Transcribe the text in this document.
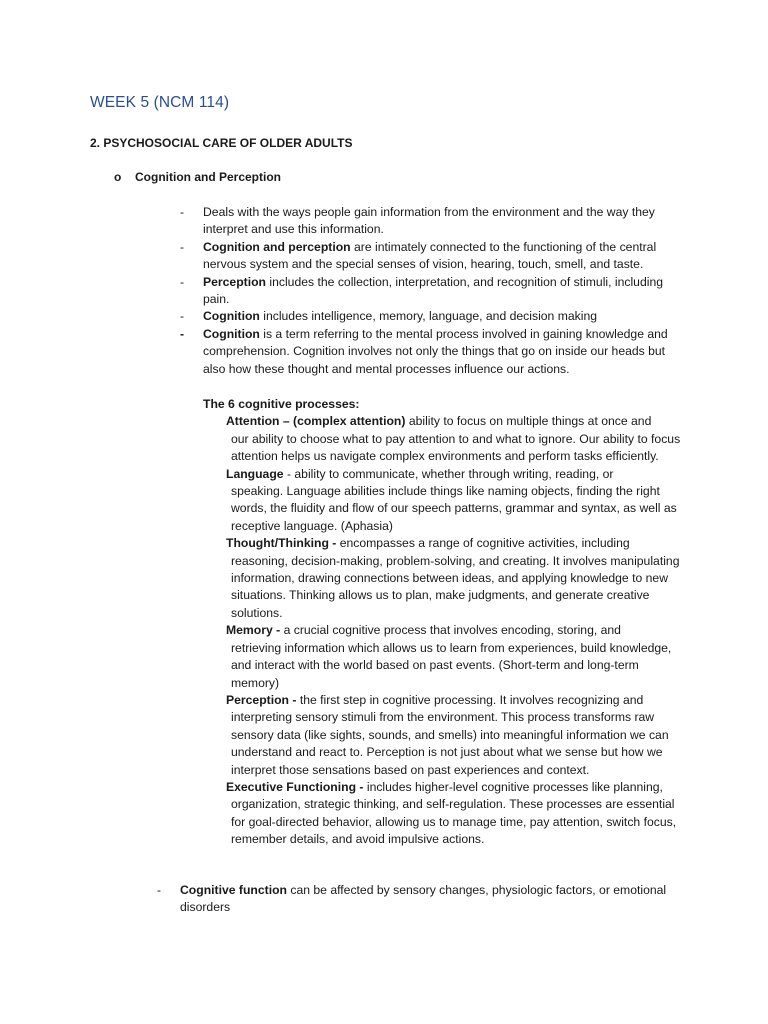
WEEK 5 (NCM 114)
2. PSYCHOSOCIAL CARE OF OLDER ADULTS
o Cognition and Perception
- Deals with the ways people gain information from the environment and the way they interpret and use this information.
- Cognition and perception are intimately connected to the functioning of the central nervous system and the special senses of vision, hearing, touch, smell, and taste.
- Perception includes the collection, interpretation, and recognition of stimuli, including pain.
- Cognition includes intelligence, memory, language, and decision making
- Cognition is a term referring to the mental process involved in gaining knowledge and comprehension. Cognition involves not only the things that go on inside our heads but also how these thought and mental processes influence our actions.
The 6 cognitive processes:
Attention – (complex attention) ability to focus on multiple things at once and
our ability to choose what to pay attention to and what to ignore. Our ability to focus attention helps us navigate complex environments and perform tasks efficiently.
Language - ability to communicate, whether through writing, reading, or
speaking. Language abilities include things like naming objects, finding the right words, the fluidity and flow of our speech patterns, grammar and syntax, as well as receptive language. (Aphasia)
Thought/Thinking - encompasses a range of cognitive activities, including
reasoning, decision-making, problem-solving, and creating. It involves manipulating information, drawing connections between ideas, and applying knowledge to new situations. Thinking allows us to plan, make judgments, and generate creative solutions.
Memory - a crucial cognitive process that involves encoding, storing, and
retrieving information which allows us to learn from experiences, build knowledge, and interact with the world based on past events. (Short-term and long-term memory)
Perception - the first step in cognitive processing. It involves recognizing and
interpreting sensory stimuli from the environment. This process transforms raw sensory data (like sights, sounds, and smells) into meaningful information we can understand and react to. Perception is not just about what we sense but how we interpret those sensations based on past experiences and context.
Executive Functioning - includes higher-level cognitive processes like planning,
organization, strategic thinking, and self-regulation. These processes are essential for goal-directed behavior, allowing us to manage time, pay attention, switch focus, remember details, and avoid impulsive actions.
- Cognitive function can be affected by sensory changes, physiologic factors, or emotional disorders
